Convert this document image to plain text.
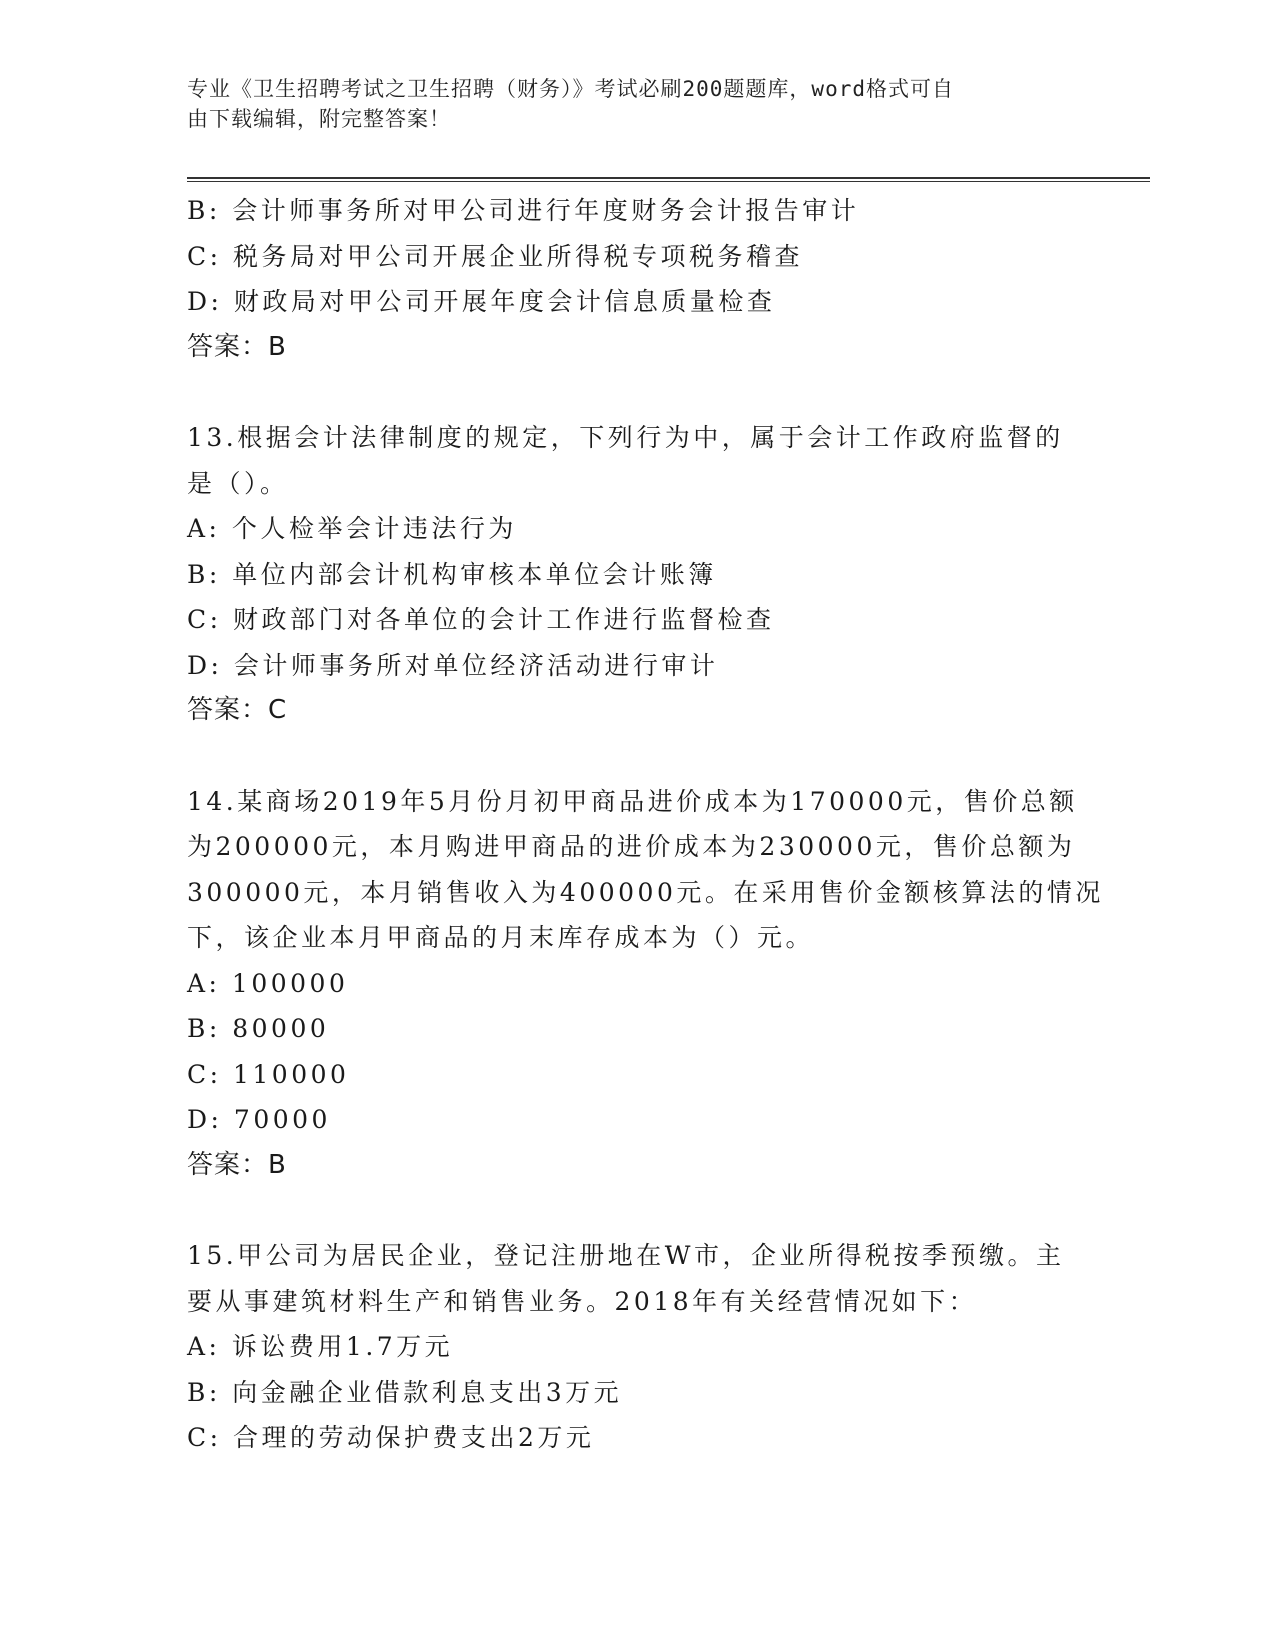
专业《卫生招聘考试之卫生招聘（财务）》考试必刷200题题库，word格式可自
由下载编辑，附完整答案！
B: 会计师事务所对甲公司进行年度财务会计报告审计
C: 税务局对甲公司开展企业所得税专项税务稽查
D: 财政局对甲公司开展年度会计信息质量检查
答案：B
13.根据会计法律制度的规定，下列行为中，属于会计工作政府监督的
是（）。
A: 个人检举会计违法行为
B: 单位内部会计机构审核本单位会计账簿
C: 财政部门对各单位的会计工作进行监督检查
D: 会计师事务所对单位经济活动进行审计
答案：C
14.某商场2019年5月份月初甲商品进价成本为170000元，售价总额
为200000元，本月购进甲商品的进价成本为230000元，售价总额为
300000元，本月销售收入为400000元。在采用售价金额核算法的情况
下，该企业本月甲商品的月末库存成本为（）元。
A: 100000
B: 80000
C: 110000
D: 70000
答案：B
15.甲公司为居民企业，登记注册地在W市，企业所得税按季预缴。主
要从事建筑材料生产和销售业务。2018年有关经营情况如下：
A: 诉讼费用1.7万元
B: 向金融企业借款利息支出3万元
C: 合理的劳动保护费支出2万元
